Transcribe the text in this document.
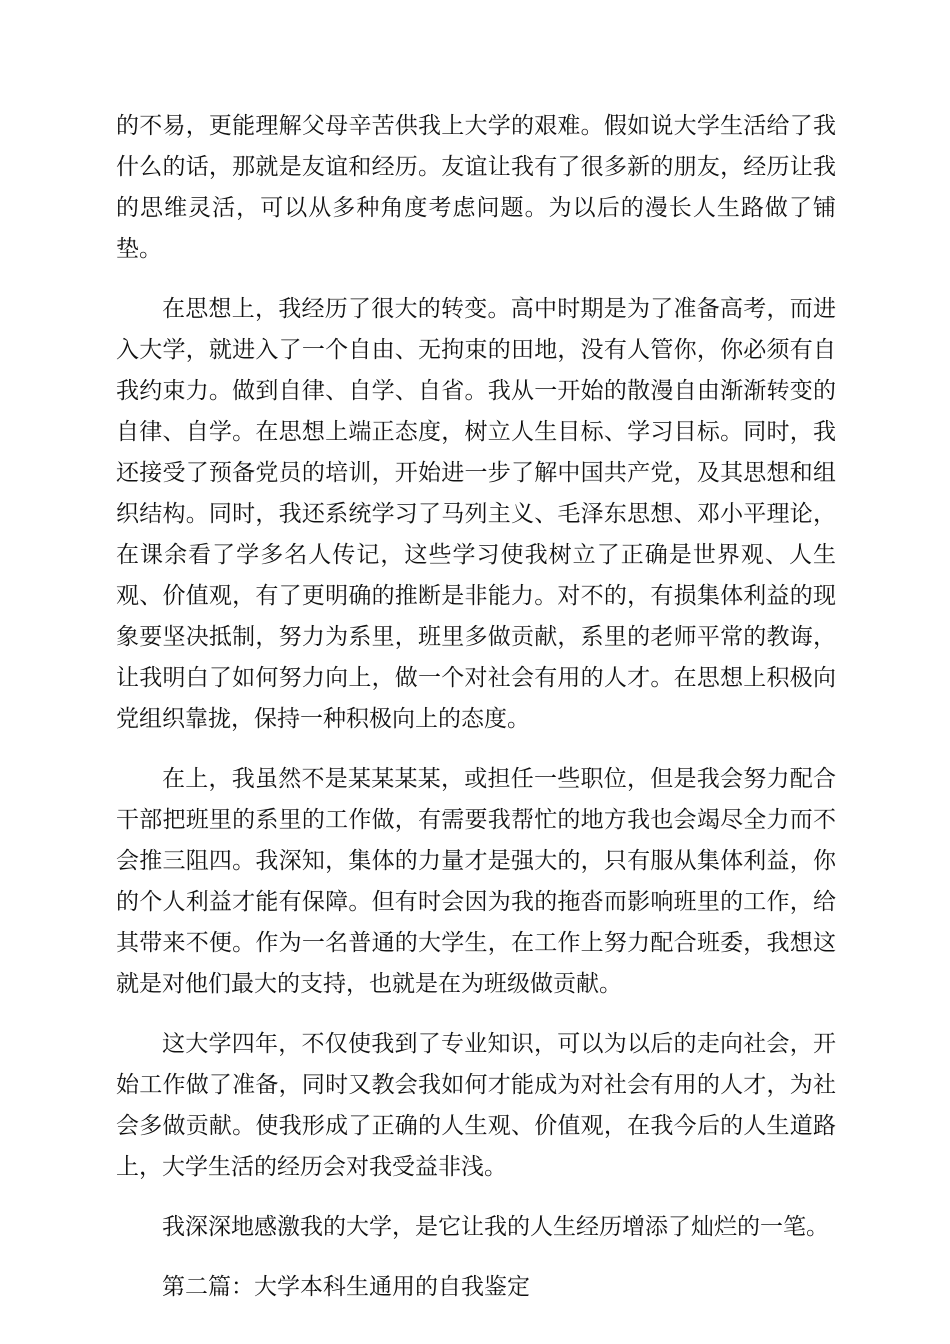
的不易，更能理解父母辛苦供我上大学的艰难。假如说大学生活给了我什么的话，那就是友谊和经历。友谊让我有了很多新的朋友，经历让我的思维灵活，可以从多种角度考虑问题。为以后的漫长人生路做了铺垫。

在思想上，我经历了很大的转变。高中时期是为了准备高考，而进入大学，就进入了一个自由、无拘束的田地，没有人管你，你必须有自我约束力。做到自律、自学、自省。我从一开始的散漫自由渐渐转变的自律、自学。在思想上端正态度，树立人生目标、学习目标。同时，我还接受了预备党员的培训，开始进一步了解中国共产党，及其思想和组织结构。同时，我还系统学习了马列主义、毛泽东思想、邓小平理论，在课余看了学多名人传记，这些学习使我树立了正确是世界观、人生观、价值观，有了更明确的推断是非能力。对不的，有损集体利益的现象要坚决抵制，努力为系里，班里多做贡献，系里的老师平常的教诲，让我明白了如何努力向上，做一个对社会有用的人才。在思想上积极向党组织靠拢，保持一种积极向上的态度。

在上，我虽然不是某某某某，或担任一些职位，但是我会努力配合干部把班里的系里的工作做，有需要我帮忙的地方我也会竭尽全力而不会推三阻四。我深知，集体的力量才是强大的，只有服从集体利益，你的个人利益才能有保障。但有时会因为我的拖沓而影响班里的工作，给其带来不便。作为一名普通的大学生，在工作上努力配合班委，我想这就是对他们最大的支持，也就是在为班级做贡献。

这大学四年，不仅使我到了专业知识，可以为以后的走向社会，开始工作做了准备，同时又教会我如何才能成为对社会有用的人才，为社会多做贡献。使我形成了正确的人生观、价值观，在我今后的人生道路上，大学生活的经历会对我受益非浅。

我深深地感激我的大学，是它让我的人生经历增添了灿烂的一笔。

第二篇：大学本科生通用的自我鉴定
